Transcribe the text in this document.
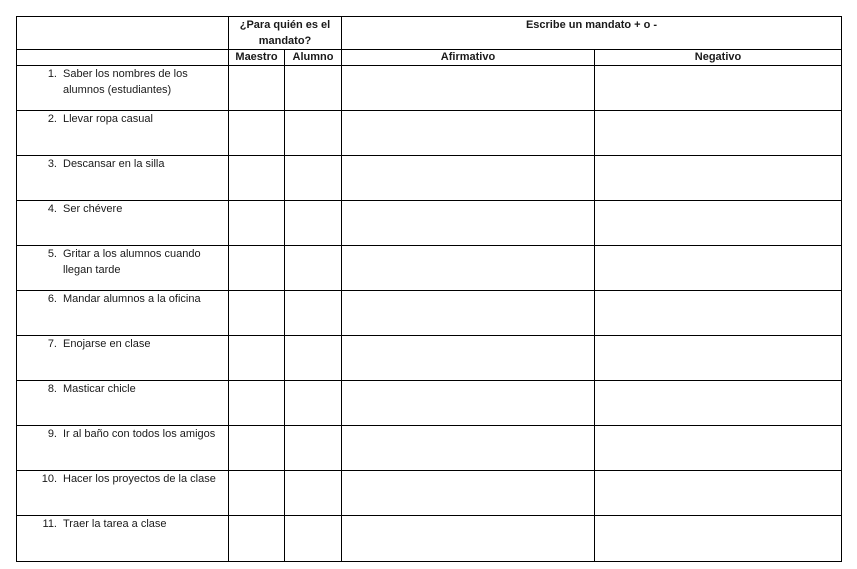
	¿Para quién es el mandato?		Escribe un mandato + o -	
	Maestro	Alumno	Afirmativo	Negativo

1. Saber los nombres de los alumnos (estudiantes)				

2. Llevar ropa casual				

3. Descansar en la silla				

4. Ser chévere				

5. Gritar a los alumnos cuando llegan tarde				

6. Mandar alumnos a la oficina				

7. Enojarse en clase				

8. Masticar chicle				

9. Ir al baño con todos los amigos				

10. Hacer los proyectos de la clase				

11. Traer la tarea a clase				
